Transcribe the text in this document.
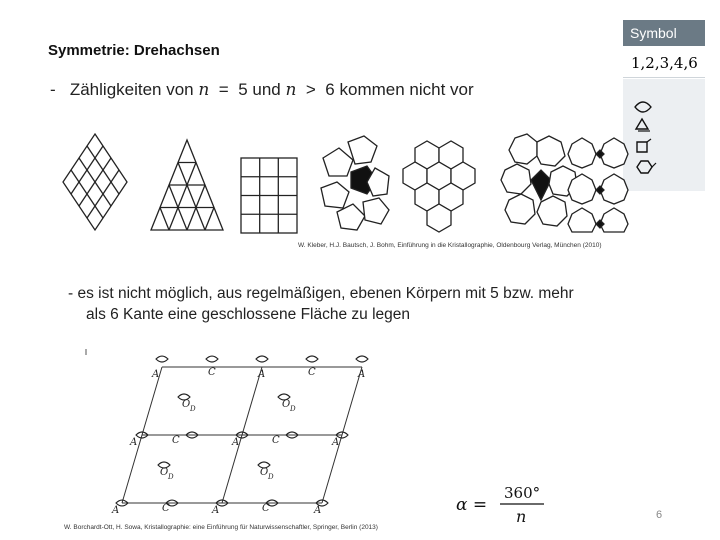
Symmetrie: Drehachsen
- Zähligkeiten von n = 5 und n > 6 kommen nicht vor
Symbol
1,2,3,4,6
W. Kleber, H.J. Bautsch, J. Bohm, Einführung in die Kristallographie, Oldenbourg Verlag, München (2010)
- es ist nicht möglich, aus regelmäßigen, ebenen Körpern mit 5 bzw. mehr
als 6 Kante eine geschlossene Fläche zu legen
A	C	A	C	A
O D	O D
C	C
A	A	A
O D	O D
A	C	A	C	A
W. Borchardt-Ott, H. Sowa, Kristallographie: eine Einführung für Naturwissenschaftler, Springer, Berlin (2013)
α =
360°
n	6
